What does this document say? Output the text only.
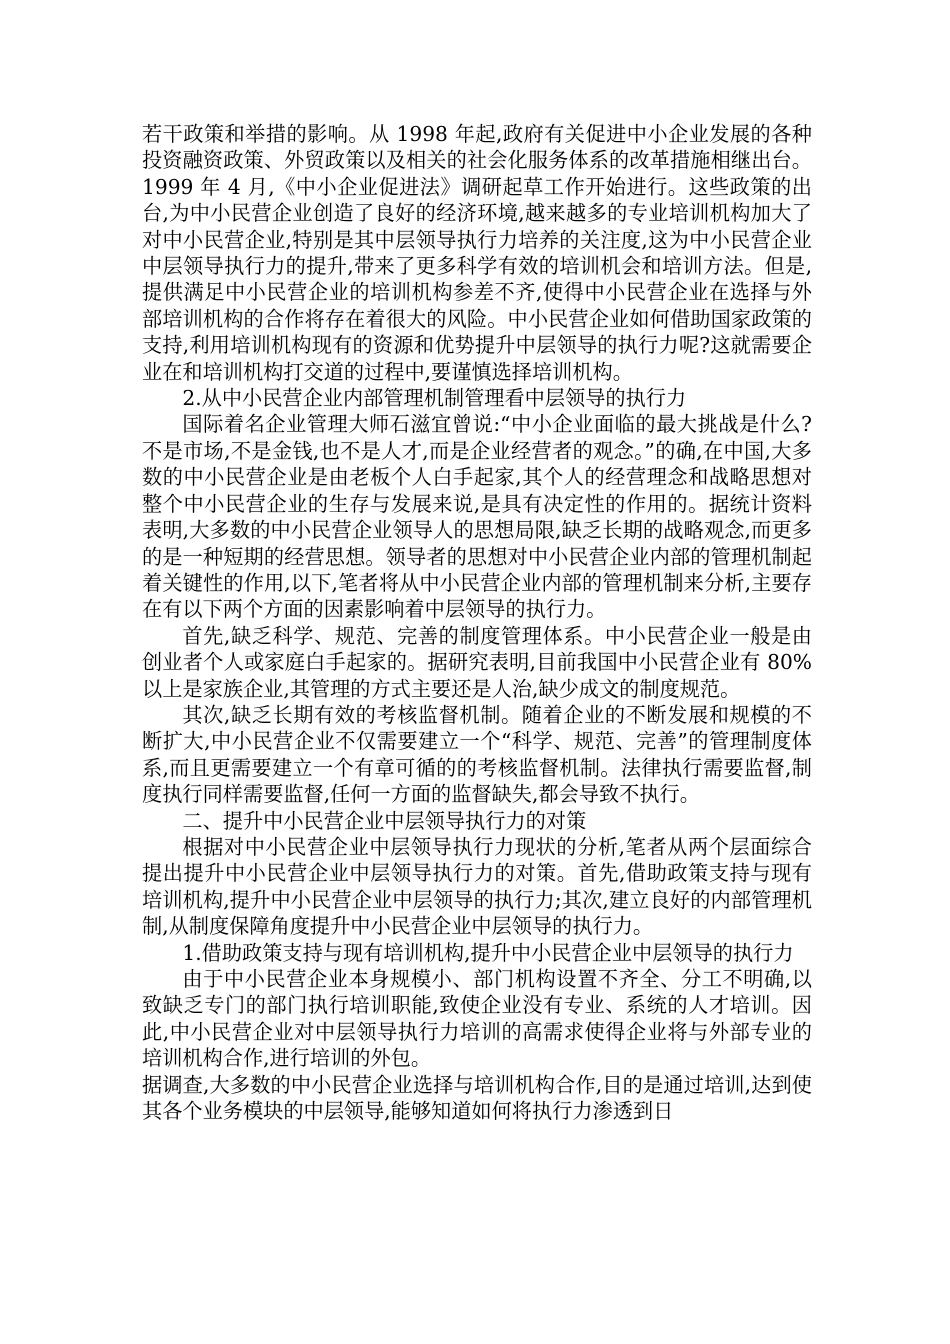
若干政策和举措的影响。从 1998 年起,政府有关促进中小企业发展的各种投资融资政策、外贸政策以及相关的社会化服务体系的改革措施相继出台。1999 年 4 月,《中小企业促进法》调研起草工作开始进行。这些政策的出台,为中小民营企业创造了良好的经济环境,越来越多的专业培训机构加大了对中小民营企业,特别是其中层领导执行力培养的关注度,这为中小民营企业中层领导执行力的提升,带来了更多科学有效的培训机会和培训方法。但是,提供满足中小民营企业的培训机构参差不齐,使得中小民营企业在选择与外部培训机构的合作将存在着很大的风险。中小民营企业如何借助国家政策的支持,利用培训机构现有的资源和优势提升中层领导的执行力呢?这就需要企业在和培训机构打交道的过程中,要谨慎选择培训机构。

2.从中小民营企业内部管理机制管理看中层领导的执行力

国际着名企业管理大师石滋宜曾说:“中小企业面临的最大挑战是什么?不是市场,不是金钱,也不是人才,而是企业经营者的观念。”的确,在中国,大多数的中小民营企业是由老板个人白手起家,其个人的经营理念和战略思想对整个中小民营企业的生存与发展来说,是具有决定性的作用的。据统计资料表明,大多数的中小民营企业领导人的思想局限,缺乏长期的战略观念,而更多的是一种短期的经营思想。领导者的思想对中小民营企业内部的管理机制起着关键性的作用,以下,笔者将从中小民营企业内部的管理机制来分析,主要存在有以下两个方面的因素影响着中层领导的执行力。

首先,缺乏科学、规范、完善的制度管理体系。中小民营企业一般是由创业者个人或家庭白手起家的。据研究表明,目前我国中小民营企业有 80%以上是家族企业,其管理的方式主要还是人治,缺少成文的制度规范。

其次,缺乏长期有效的考核监督机制。随着企业的不断发展和规模的不断扩大,中小民营企业不仅需要建立一个“科学、规范、完善”的管理制度体系,而且更需要建立一个有章可循的的考核监督机制。法律执行需要监督,制度执行同样需要监督,任何一方面的监督缺失,都会导致不执行。

二、提升中小民营企业中层领导执行力的对策

根据对中小民营企业中层领导执行力现状的分析,笔者从两个层面综合提出提升中小民营企业中层领导执行力的对策。首先,借助政策支持与现有培训机构,提升中小民营企业中层领导的执行力;其次,建立良好的内部管理机制,从制度保障角度提升中小民营企业中层领导的执行力。

1.借助政策支持与现有培训机构,提升中小民营企业中层领导的执行力

由于中小民营企业本身规模小、部门机构设置不齐全、分工不明确,以致缺乏专门的部门执行培训职能,致使企业没有专业、系统的人才培训。因此,中小民营企业对中层领导执行力培训的高需求使得企业将与外部专业的培训机构合作,进行培训的外包。

据调查,大多数的中小民营企业选择与培训机构合作,目的是通过培训,达到使其各个业务模块的中层领导,能够知道如何将执行力渗透到日
